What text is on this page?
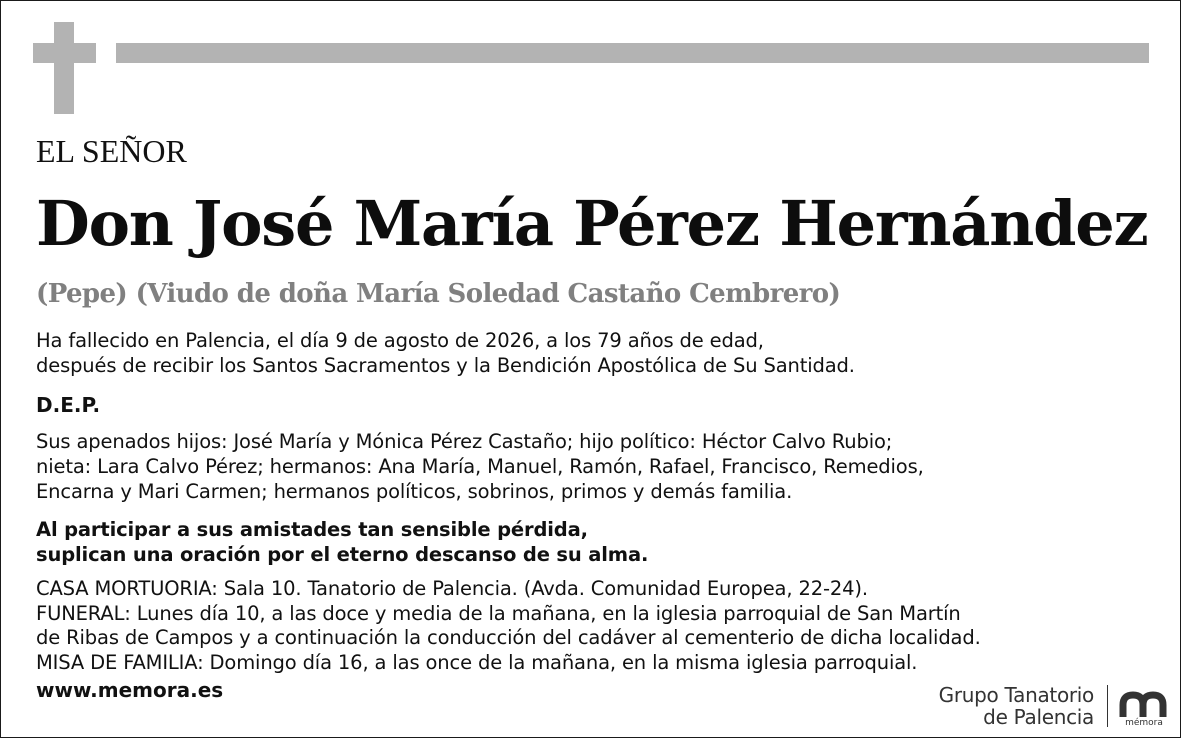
EL SEÑOR

Don José María Pérez Hernández

(Pepe) (Viudo de doña María Soledad Castaño Cembrero)

Ha fallecido en Palencia, el día 9 de agosto de 2026, a los 79 años de edad,
después de recibir los Santos Sacramentos y la Bendición Apostólica de Su Santidad.

D.E.P.

Sus apenados hijos: José María y Mónica Pérez Castaño; hijo político: Héctor Calvo Rubio;
nieta: Lara Calvo Pérez; hermanos: Ana María, Manuel, Ramón, Rafael, Francisco, Remedios,
Encarna y Mari Carmen; hermanos políticos, sobrinos, primos y demás familia.
Al participar a sus amistades tan sensible pérdida,
suplican una oración por el eterno descanso de su alma.
CASA MORTUORIA: Sala 10. Tanatorio de Palencia. (Avda. Comunidad Europea, 22-24).
FUNERAL: Lunes día 10, a las doce y media de la mañana, en la iglesia parroquial de San Martín
de Ribas de Campos y a continuación la conducción del cadáver al cementerio de dicha localidad.
MISA DE FAMILIA: Domingo día 16, a las once de la mañana, en la misma iglesia parroquial.
www.memora.es	Grupo Tanatorio
de Palencia	mémora
